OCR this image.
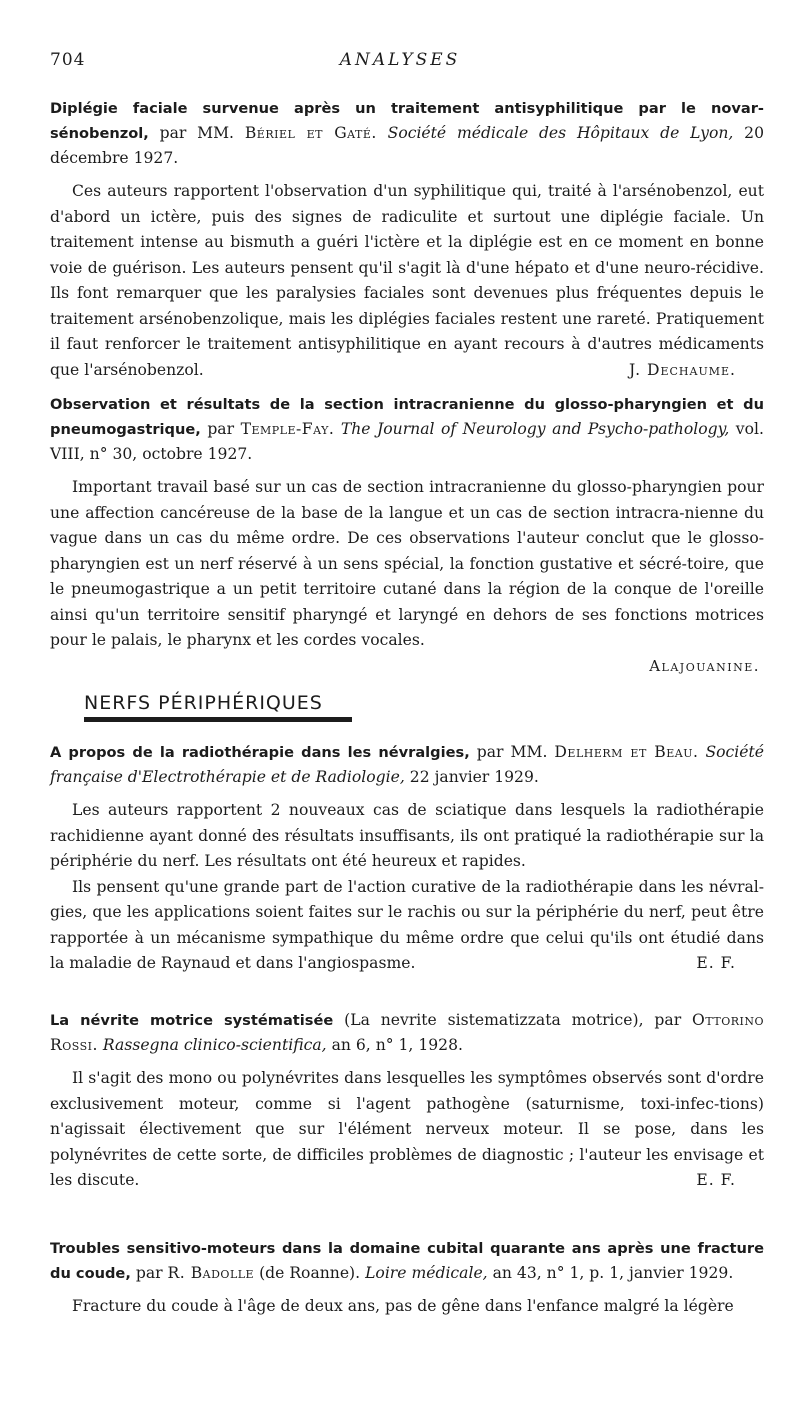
704	ANALYSES
Diplégie faciale survenue après un traitement antisyphilitique par le novar-sénobenzol, par MM. Bériel et Gaté. Société médicale des Hôpitaux de Lyon, 20 décembre 1927.

Ces auteurs rapportent l'observation d'un syphilitique qui, traité à l'arsénobenzol, eut d'abord un ictère, puis des signes de radiculite et surtout une diplégie faciale. Un traitement intense au bismuth a guéri l'ictère et la diplégie est en ce moment en bonne voie de guérison. Les auteurs pensent qu'il s'agit là d'une hépato et d'une neuro-récidive. Ils font remarquer que les paralysies faciales sont devenues plus fréquentes depuis le traitement arsénobenzolique, mais les diplégies faciales restent une rareté. Pratiquement il faut renforcer le traitement antisyphilitique en ayant recours à d'autres médicaments que l'arsénobenzol.	J. Dechaume.

Observation et résultats de la section intracranienne du glosso-pharyngien et du pneumogastrique, par Temple-Fay. The Journal of Neurology and Psycho-pathology, vol. VIII, n° 30, octobre 1927.

Important travail basé sur un cas de section intracranienne du glosso-pharyngien pour une affection cancéreuse de la base de la langue et un cas de section intracra-nienne du vague dans un cas du même ordre. De ces observations l'auteur conclut que le glosso-pharyngien est un nerf réservé à un sens spécial, la fonction gustative et sécré-toire, que le pneumogastrique a un petit territoire cutané dans la région de la conque de l'oreille ainsi qu'un territoire sensitif pharyngé et laryngé en dehors de ses fonctions motrices pour le palais, le pharynx et les cordes vocales.

Alajouanine.
NERFS PÉRIPHÉRIQUES
A propos de la radiothérapie dans les névralgies, par MM. Delherm et Beau. Société française d'Electrothérapie et de Radiologie, 22 janvier 1929.

Les auteurs rapportent 2 nouveaux cas de sciatique dans lesquels la radiothérapie rachidienne ayant donné des résultats insuffisants, ils ont pratiqué la radiothérapie sur la périphérie du nerf. Les résultats ont été heureux et rapides.

Ils pensent qu'une grande part de l'action curative de la radiothérapie dans les névral-gies, que les applications soient faites sur le rachis ou sur la périphérie du nerf, peut être rapportée à un mécanisme sympathique du même ordre que celui qu'ils ont étudié dans la maladie de Raynaud et dans l'angiospasme.	E. F.

La névrite motrice systématisée (La nevrite sistematizzata motrice), par Ottorino Rossi. Rassegna clinico-scientifica, an 6, n° 1, 1928.

Il s'agit des mono ou polynévrites dans lesquelles les symptômes observés sont d'ordre exclusivement moteur, comme si l'agent pathogène (saturnisme, toxi-infec-tions) n'agissait électivement que sur l'élément nerveux moteur. Il se pose, dans les polynévrites de cette sorte, de difficiles problèmes de diagnostic ; l'auteur les envisage et les discute.	E. F.

Troubles sensitivo-moteurs dans la domaine cubital quarante ans après une fracture du coude, par R. Badolle (de Roanne). Loire médicale, an 43, n° 1, p. 1, janvier 1929.

Fracture du coude à l'âge de deux ans, pas de gêne dans l'enfance malgré la légère
